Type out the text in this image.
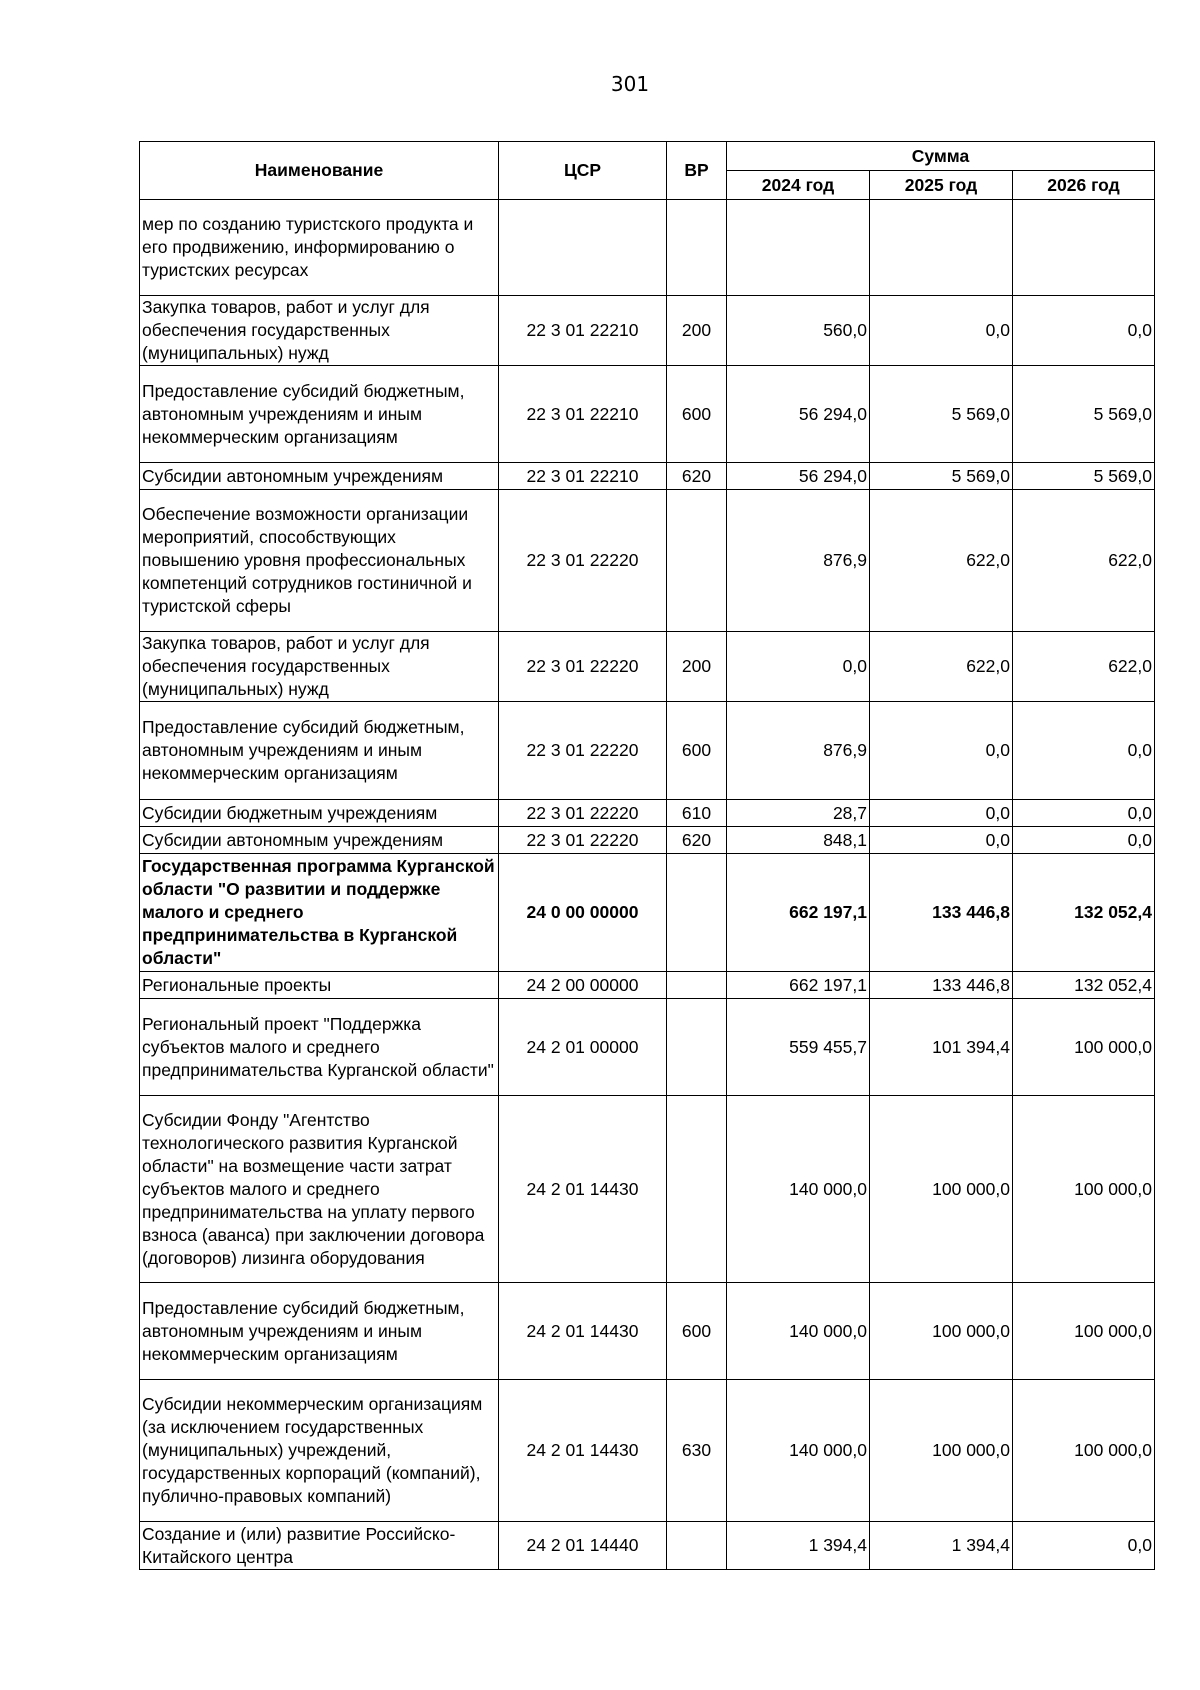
301
Наименование	ЦСР	ВР	Сумма		
			2024 год	2025 год	2026 год
мер по созданию туристского продукта и его продвижению, информированию о туристских ресурсах					
Закупка товаров, работ и услуг для обеспечения государственных (муниципальных) нужд	22 3 01 22210	200	560,0	0,0	0,0
Предоставление субсидий бюджетным, автономным учреждениям и иным некоммерческим организациям	22 3 01 22210	600	56 294,0	5 569,0	5 569,0
Субсидии автономным учреждениям	22 3 01 22210	620	56 294,0	5 569,0	5 569,0
Обеспечение возможности организации мероприятий, способствующих повышению уровня профессиональных компетенций сотрудников гостиничной и туристской сферы	22 3 01 22220		876,9	622,0	622,0
Закупка товаров, работ и услуг для обеспечения государственных (муниципальных) нужд	22 3 01 22220	200	0,0	622,0	622,0
Предоставление субсидий бюджетным, автономным учреждениям и иным некоммерческим организациям	22 3 01 22220	600	876,9	0,0	0,0
Субсидии бюджетным учреждениям	22 3 01 22220	610	28,7	0,0	0,0
Субсидии автономным учреждениям	22 3 01 22220	620	848,1	0,0	0,0
Государственная программа Курганской области "О развитии и поддержке малого и среднего предпринимательства в Курганской области"	24 0 00 00000		662 197,1	133 446,8	132 052,4
Региональные проекты	24 2 00 00000		662 197,1	133 446,8	132 052,4
Региональный проект "Поддержка субъектов малого и среднего предпринимательства Курганской области"	24 2 01 00000		559 455,7	101 394,4	100 000,0
Субсидии Фонду "Агентство технологического развития Курганской области" на возмещение части затрат субъектов малого и среднего предпринимательства на уплату первого взноса (аванса) при заключении договора (договоров) лизинга оборудования	24 2 01 14430		140 000,0	100 000,0	100 000,0
Предоставление субсидий бюджетным, автономным учреждениям и иным некоммерческим организациям	24 2 01 14430	600	140 000,0	100 000,0	100 000,0
Субсидии некоммерческим организациям (за исключением государственных (муниципальных) учреждений, государственных корпораций (компаний), публично-правовых компаний)	24 2 01 14430	630	140 000,0	100 000,0	100 000,0
Создание и (или) развитие Российско-Китайского центра	24 2 01 14440		1 394,4	1 394,4	0,0
